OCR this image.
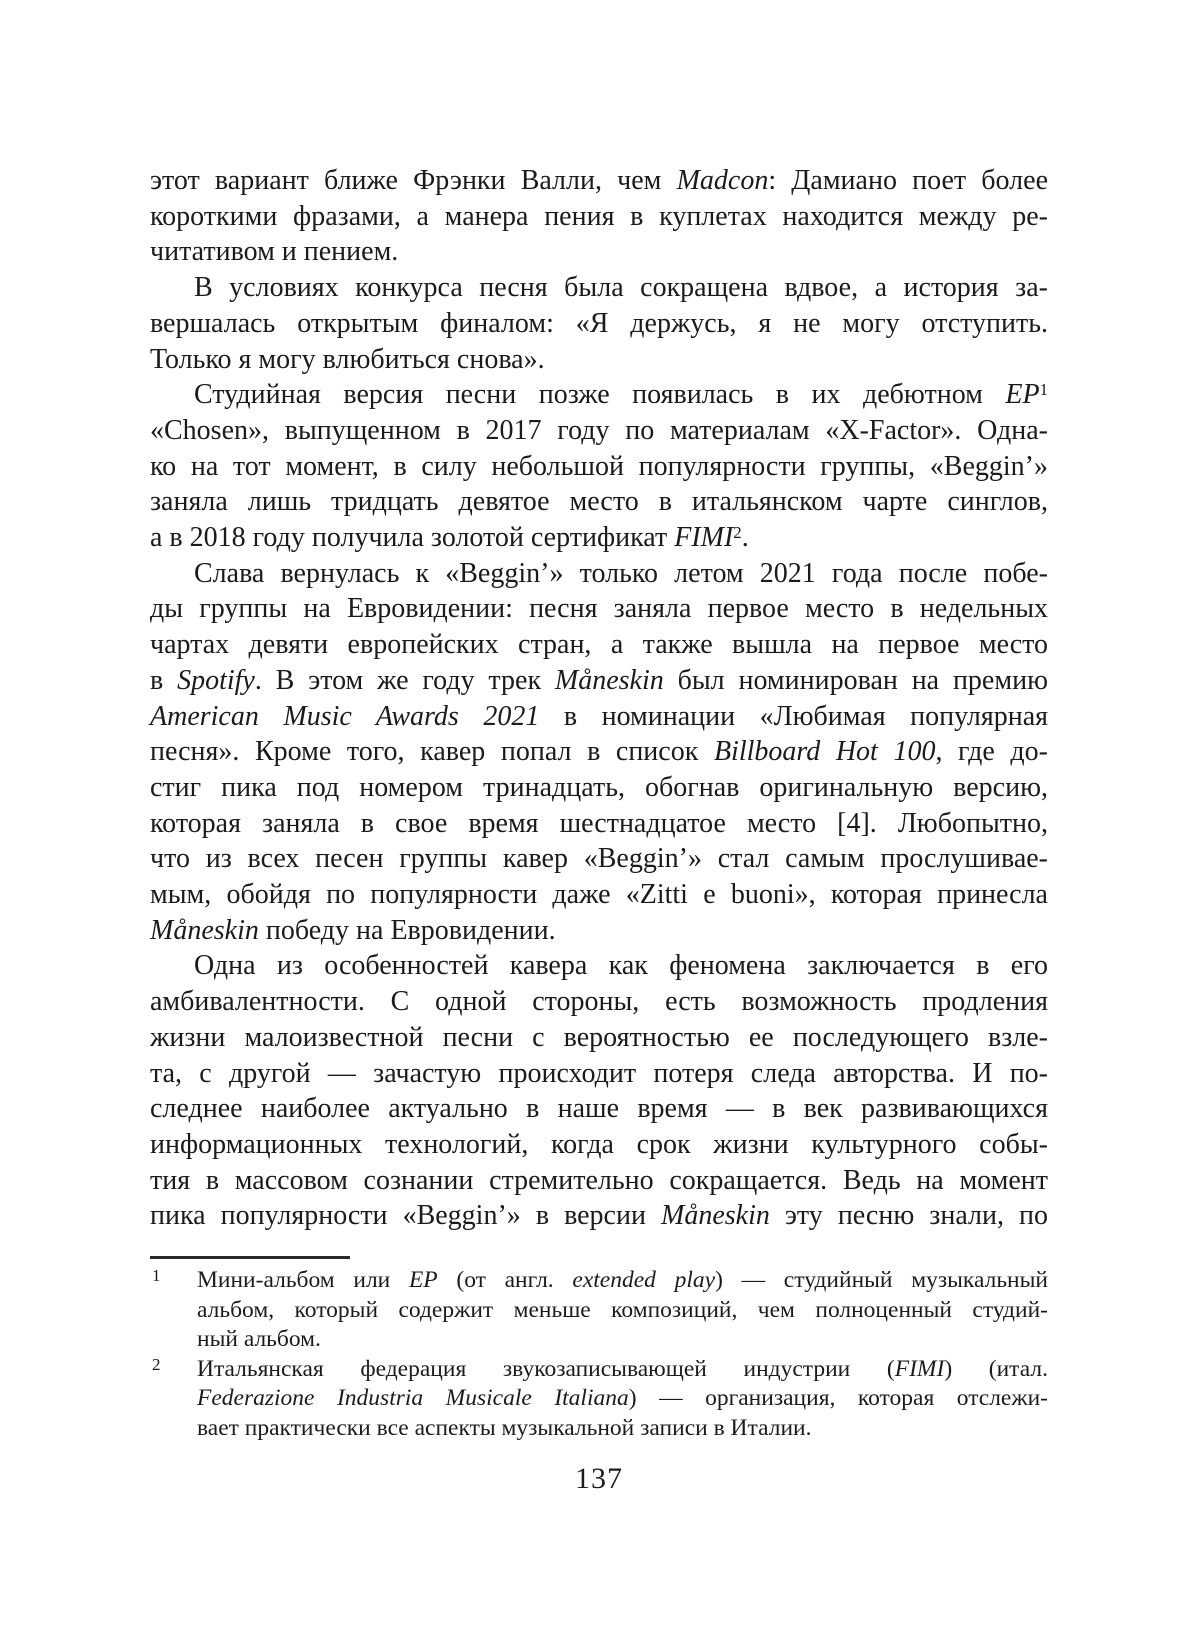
этот вариант ближе Фрэнки Валли, чем Madcon: Дамиано поет более
короткими фразами, а манера пения в куплетах находится между ре-
читативом и пением.
В условиях конкурса песня была сокращена вдвое, а история за-
вершалась открытым финалом: «Я держусь, я не могу отступить.
Только я могу влюбиться снова».
Студийная версия песни позже появилась в их дебютном EP$^1$
«Chosen», выпущенном в 2017 году по материалам «X-Factor». Одна-
ко на тот момент, в силу небольшой популярности группы, «Beggin’»
заняла лишь тридцать девятое место в итальянском чарте синглов,
а в 2018 году получила золотой сертификат FIMI$^2$.
Слава вернулась к «Beggin’» только летом 2021 года после побе-
ды группы на Евровидении: песня заняла первое место в недельных
чартах девяти европейских стран, а также вышла на первое место
в Spotify. В этом же году трек Måneskin был номинирован на премию
American Music Awards 2021 в номинации «Любимая популярная
песня». Кроме того, кавер попал в список Billboard Hot 100, где до-
стиг пика под номером тринадцать, обогнав оригинальную версию,
которая заняла в свое время шестнадцатое место [4]. Любопытно,
что из всех песен группы кавер «Beggin’» стал самым прослушивае-
мым, обойдя по популярности даже «Zitti e buoni», которая принесла
Måneskin победу на Евровидении.
Одна из особенностей кавера как феномена заключается в его
амбивалентности. С одной стороны, есть возможность продления
жизни малоизвестной песни с вероятностью ее последующего взле-
та, с другой — зачастую происходит потеря следа авторства. И по-
следнее наиболее актуально в наше время — в век развивающихся
информационных технологий, когда срок жизни культурного собы-
тия в массовом сознании стремительно сокращается. Ведь на момент
пика популярности «Beggin’» в версии Måneskin эту песню знали, по
1 Мини-альбом или EP (от англ. extended play) — студийный музыкальный
альбом, который содержит меньше композиций, чем полноценный студий-
ный альбом.
2 Итальянская федерация звукозаписывающей индустрии (FIMI) (итал.
Federazione Industria Musicale Italiana) — организация, которая отслежи-
вает практически все аспекты музыкальной записи в Италии.
137
